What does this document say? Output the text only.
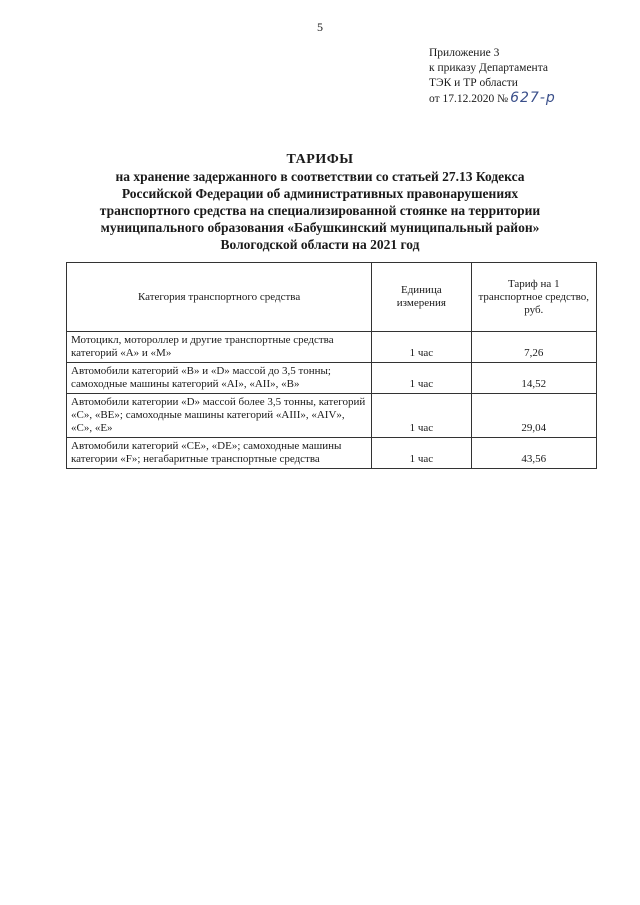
5
Приложение 3
к приказу Департамента
ТЭК и ТР области
от 17.12.2020 № 627-р
ТАРИФЫ
на хранение задержанного в соответствии со статьей 27.13 Кодекса
Российской Федерации об административных правонарушениях
транспортного средства на специализированной стоянке на территории
муниципального образования «Бабушкинский муниципальный район»
Вологодской области на 2021 год
Категория транспортного средства	Единица измерения	Тариф на 1 транспортное средство, руб.
Мотоцикл, мотороллер и другие транспортные средства категорий «А» и «М»	1 час	7,26
Автомобили категорий «В» и «D» массой до 3,5 тонны; самоходные машины категорий «AI», «AII», «В»	1 час	14,52
Автомобили категории «D» массой более 3,5 тонны, категорий «С», «ВЕ»; самоходные машины категорий «AIII», «AIV», «С», «Е»	1 час	29,04
Автомобили категорий «СЕ», «DE»; самоходные машины категории «F»; негабаритные транспортные средства	1 час	43,56
